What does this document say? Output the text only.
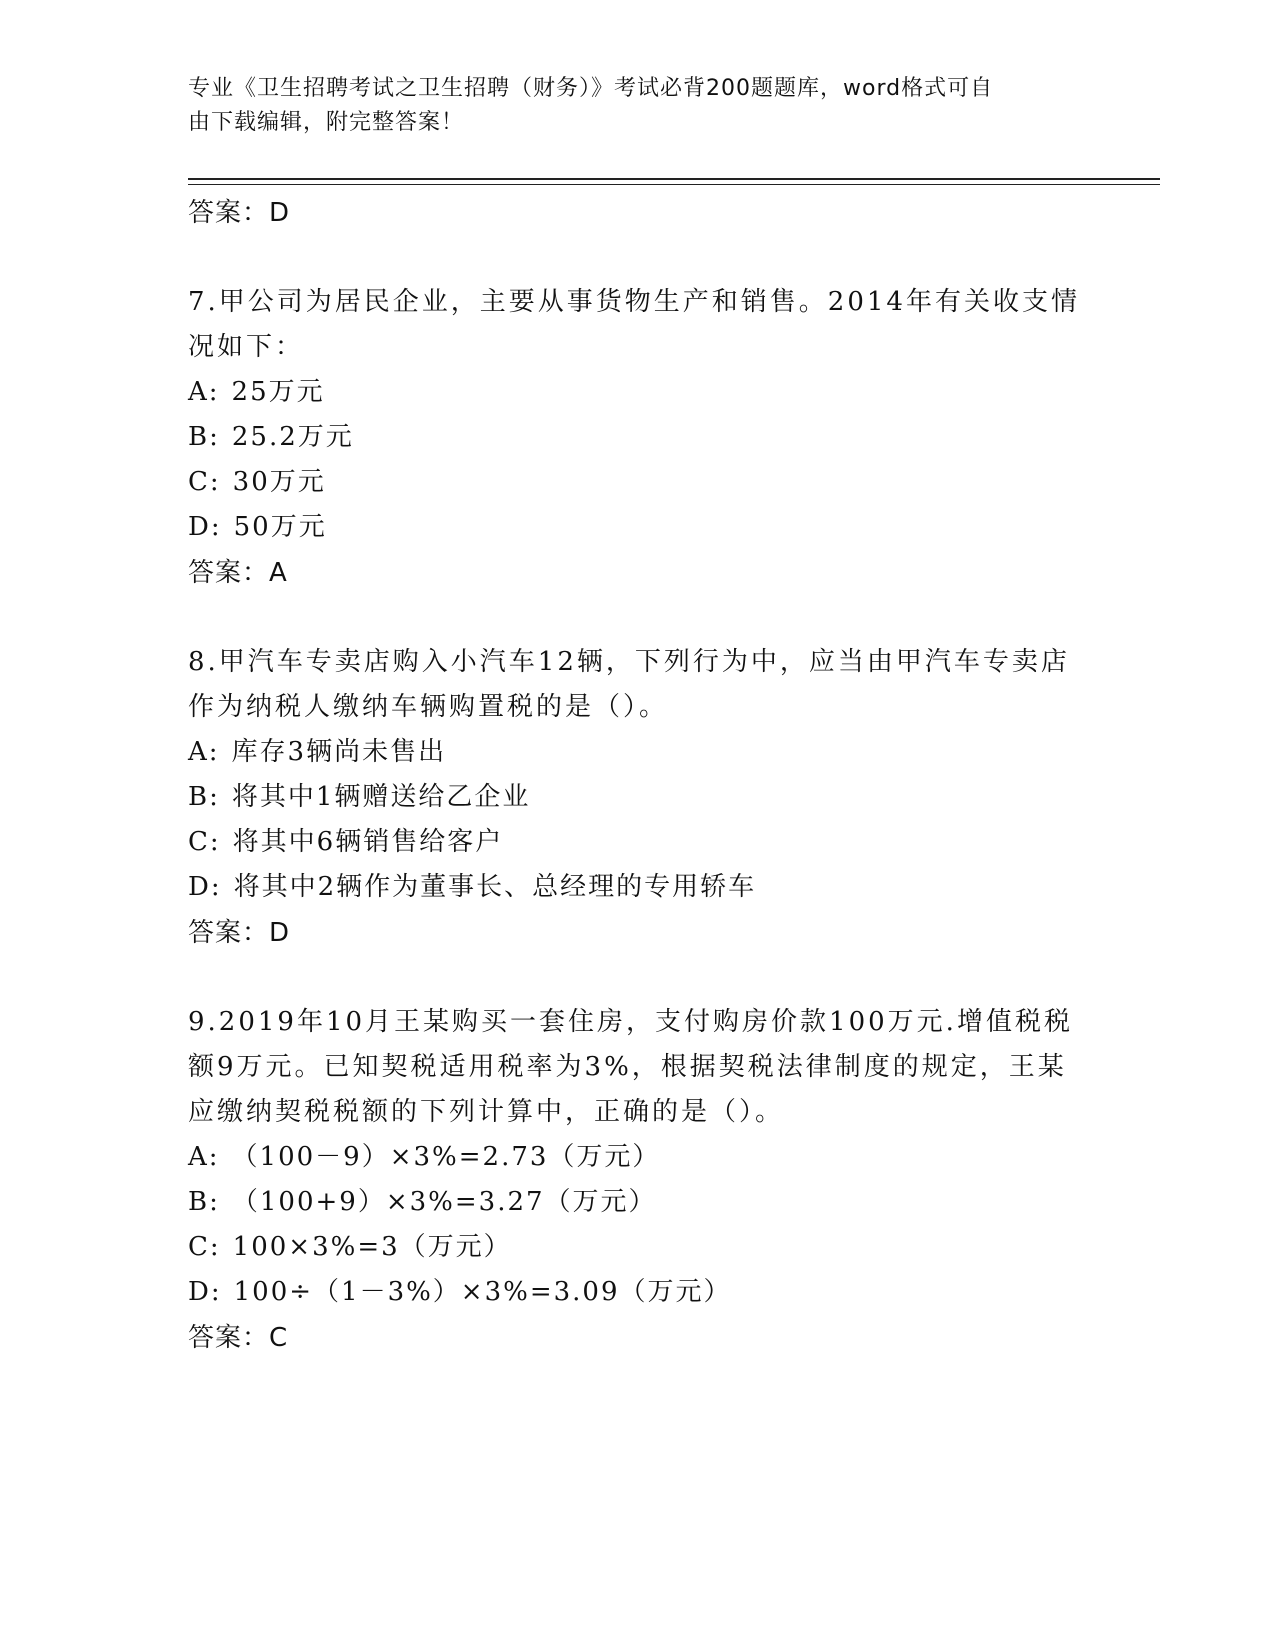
专业《卫生招聘考试之卫生招聘（财务）》考试必背200题题库，word格式可自
由下载编辑，附完整答案！
答案：D

7.甲公司为居民企业，主要从事货物生产和销售。2014年有关收支情况如下：

A: 25万元
B: 25.2万元
C: 30万元
D: 50万元
答案：A

8.甲汽车专卖店购入小汽车12辆，下列行为中，应当由甲汽车专卖店作为纳税人缴纳车辆购置税的是（）。

A: 库存3辆尚未售出
B: 将其中1辆赠送给乙企业
C: 将其中6辆销售给客户
D: 将其中2辆作为董事长、总经理的专用轿车
答案：D

9.2019年10月王某购买一套住房，支付购房价款100万元.增值税税额9万元。已知契税适用税率为3%，根据契税法律制度的规定，王某应缴纳契税税额的下列计算中，正确的是（）。

A: （100－9）×3%=2.73（万元）
B: （100+9）×3%=3.27（万元）
C: 100×3%=3（万元）
D: 100÷（1－3%）×3%=3.09（万元）
答案：C
